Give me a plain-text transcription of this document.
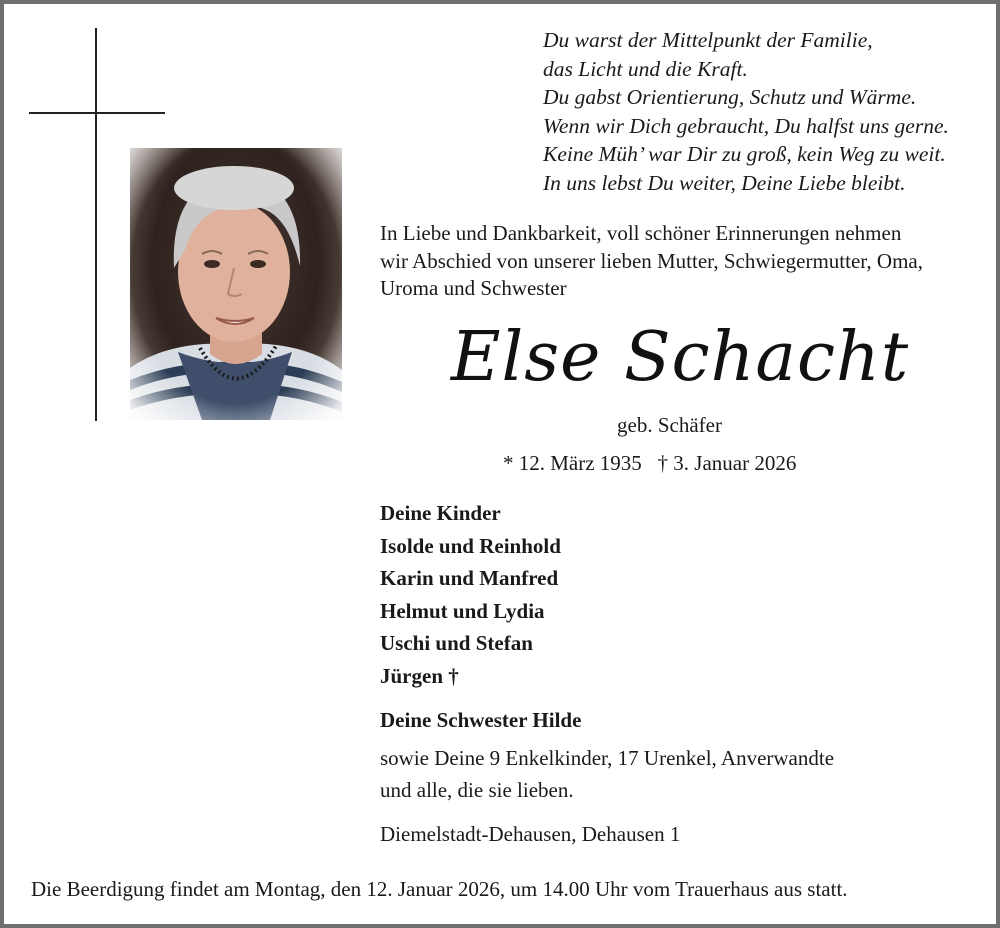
Du warst der Mittelpunkt der Familie,
das Licht und die Kraft.
Du gabst Orientierung, Schutz und Wärme.
Wenn wir Dich gebraucht, Du halfst uns gerne.
Keine Müh’ war Dir zu groß, kein Weg zu weit.
In uns lebst Du weiter, Deine Liebe bleibt.
In Liebe und Dankbarkeit, voll schöner Erinnerungen nehmen
wir Abschied von unserer lieben Mutter, Schwiegermutter, Oma,
Uroma und Schwester
Else Schacht
geb. Schäfer
* 12. März 1935   † 3. Januar 2026
Deine Kinder
Isolde und Reinhold
Karin und Manfred
Helmut und Lydia
Uschi und Stefan
Jürgen †
Deine Schwester Hilde
sowie Deine 9 Enkelkinder, 17 Urenkel, Anverwandte
und alle, die sie lieben.
Diemelstadt-Dehausen, Dehausen 1
Die Beerdigung findet am Montag, den 12. Januar 2026, um 14.00 Uhr vom Trauerhaus aus statt.
